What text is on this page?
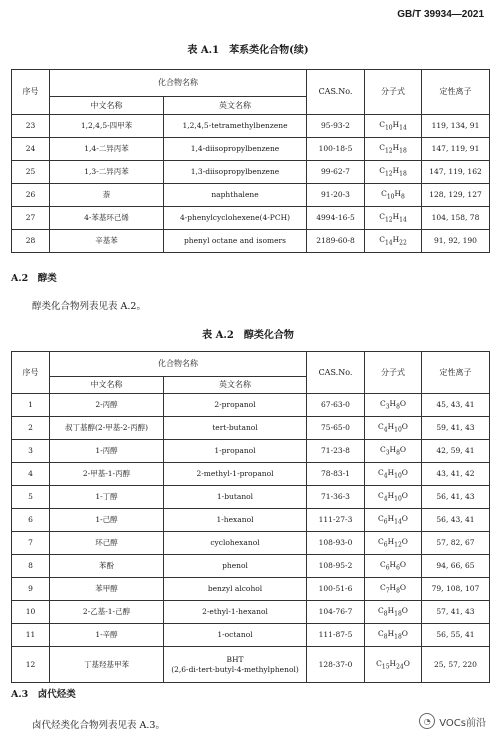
GB/T 39934—2021
表 A.1　苯系类化合物(续)
序号	化合物名称		CAS.No.	分子式	定性离子
	中文名称	英文名称			
23	1,2,4,5-四甲苯	1,2,4,5-tetramethylbenzene	95-93-2	$C_{10}H_{14}$	119, 134, 91
24	1,4-二异丙苯	1,4-diisopropylbenzene	100-18-5	$C_{12}H_{18}$	147, 119, 91
25	1,3-二异丙苯	1,3-diisopropylbenzene	99-62-7	$C_{12}H_{18}$	147, 119, 162
26	萘	naphthalene	91-20-3	$C_{10}H_8$	128, 129, 127
27	4-苯基环己烯	4-phenylcyclohexene(4-PCH)	4994-16-5	$C_{12}H_{14}$	104, 158, 78
28	辛基苯	phenyl octane and isomers	2189-60-8	$C_{14}H_{22}$	91, 92, 190
A.2　醇类
醇类化合物列表见表 A.2。
表 A.2　醇类化合物
序号	化合物名称		CAS.No.	分子式	定性离子
	中文名称	英文名称			
1	2-丙醇	2-propanol	67-63-0	$C_3H_8O$	45, 43, 41
2	叔丁基醇(2-甲基-2-丙醇)	tert-butanol	75-65-0	$C_4H_{10}O$	59, 41, 43
3	1-丙醇	1-propanol	71-23-8	$C_3H_8O$	42, 59, 41
4	2-甲基-1-丙醇	2-methyl-1-propanol	78-83-1	$C_4H_{10}O$	43, 41, 42
5	1-丁醇	1-butanol	71-36-3	$C_4H_{10}O$	56, 41, 43
6	1-己醇	1-hexanol	111-27-3	$C_6H_{14}O$	56, 43, 41
7	环己醇	cyclohexanol	108-93-0	$C_6H_{12}O$	57, 82, 67
8	苯酚	phenol	108-95-2	$C_6H_6O$	94, 66, 65
9	苯甲醇	benzyl alcohol	100-51-6	$C_7H_8O$	79, 108, 107
10	2-乙基-1-己醇	2-ethyl-1-hexanol	104-76-7	$C_8H_{18}O$	57, 41, 43
11	1-辛醇	1-octanol	111-87-5	$C_8H_{18}O$	56, 55, 41
12	丁基羟基甲苯	BHT
(2,6-di-tert-butyl-4-methylphenol)	128-37-0	$C_{15}H_{24}O$	25, 57, 220
A.3　卤代烃类
卤代烃类化合物列表见表 A.3。	◔ VOCs前沿
